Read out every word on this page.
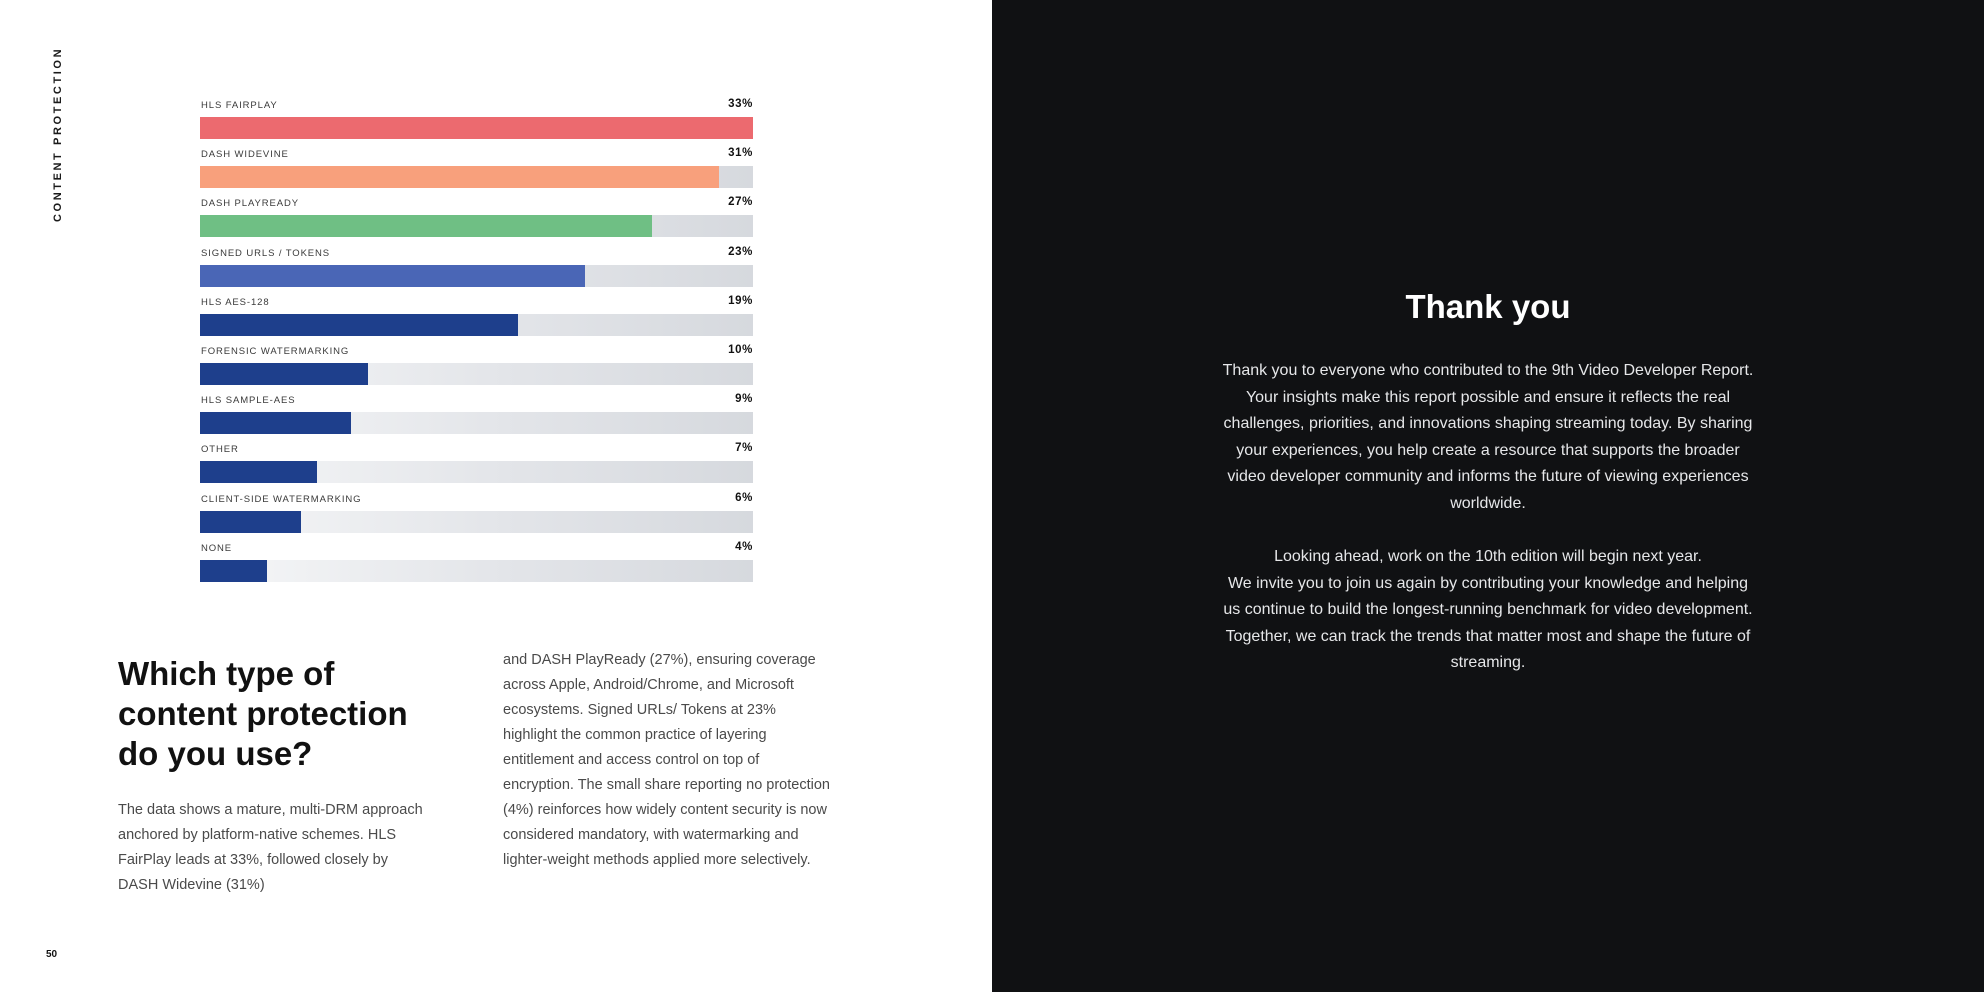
CONTENT PROTECTION	HLS FAIRPLAY	33%
DASH WIDEVINE	31%
DASH PLAYREADY	27%
SIGNED URLS / TOKENS	23%
HLS AES-128	19%
FORENSIC WATERMARKING	10%
HLS SAMPLE-AES	9%
OTHER	7%
CLIENT-SIDE WATERMARKING	6%
NONE	4%
Which type of content protection do you use?

The data shows a mature, multi-DRM approach anchored by platform-native schemes. HLS FairPlay leads at 33%, followed closely by DASH Widevine (31%)

and DASH PlayReady (27%), ensuring coverage across Apple, Android/Chrome, and Microsoft ecosystems. Signed URLs/ Tokens at 23% highlight the common practice of layering entitlement and access control on top of encryption. The small share reporting no protection (4%) reinforces how widely content security is now considered mandatory, with watermarking and lighter-weight methods applied more selectively.

50
Thank you

Thank you to everyone who contributed to the 9th Video Developer Report. Your insights make this report possible and ensure it reflects the real challenges, priorities, and innovations shaping streaming today. By sharing your experiences, you help create a resource that supports the broader video developer community and informs the future of viewing experiences worldwide.

Looking ahead, work on the 10th edition will begin next year.
We invite you to join us again by contributing your knowledge and helping us continue to build the longest-running benchmark for video development. Together, we can track the trends that matter most and shape the future of streaming.
